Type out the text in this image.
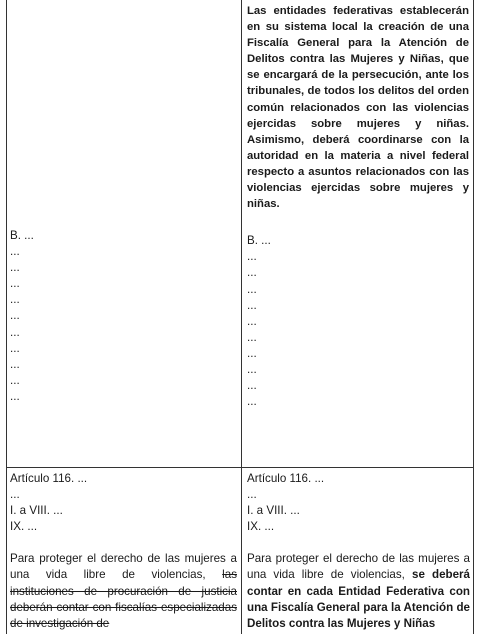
B. ...
...
...
...
...
...
...
...
...
...
...

Las entidades federativas establecerán en su sistema local la creación de una Fiscalía General para la Atención de Delitos contra las Mujeres y Niñas, que se encargará de la persecución, ante los tribunales, de todos los delitos del orden común relacionados con las violencias ejercidas sobre mujeres y niñas. Asimismo, deberá coordinarse con la autoridad en la materia a nivel federal respecto a asuntos relacionados con las violencias ejercidas sobre mujeres y niñas.

B. ...
...
...
...
...
...
...
...
...
...
...
Artículo 116. ...
...
I. a VIII. ...
IX. ...

Para proteger el derecho de las mujeres a una vida libre de violencias, las instituciones de procuración de justicia deberán contar con fiscalías especializadas de investigación de

Artículo 116. ...
...
I. a VIII. ...
IX. ...

Para proteger el derecho de las mujeres a una vida libre de violencias, se deberá contar en cada Entidad Federativa con una Fiscalía General para la Atención de Delitos contra las Mujeres y Niñas
